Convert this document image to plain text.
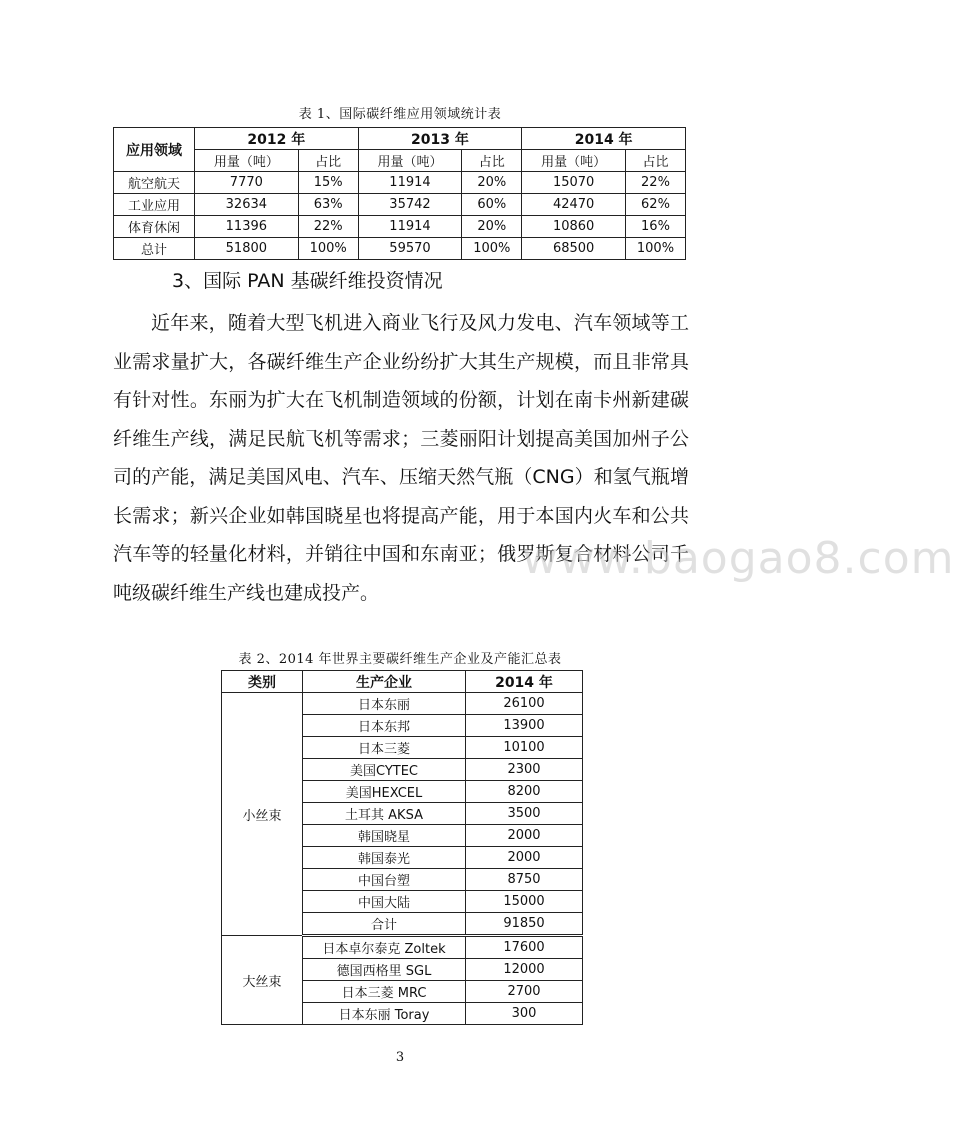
表 1、国际碳纤维应用领域统计表
应用领域	2012 年		2013 年		2014 年	
	用量（吨）	占比	用量（吨）	占比	用量（吨）	占比
航空航天	7770	15%	11914	20%	15070	22%
工业应用	32634	63%	35742	60%	42470	62%
体育休闲	11396	22%	11914	20%	10860	16%
总计	51800	100%	59570	100%	68500	100%
3、国际 PAN 基碳纤维投资情况

近年来，随着大型飞机进入商业飞行及风力发电、汽车领域等工业需求量扩大，各碳纤维生产企业纷纷扩大其生产规模，而且非常具有针对性。东丽为扩大在飞机制造领域的份额，计划在南卡州新建碳纤维生产线，满足民航飞机等需求；三菱丽阳计划提高美国加州子公司的产能，满足美国风电、汽车、压缩天然气瓶（CNG）和氢气瓶增长需求；新兴企业如韩国晓星也将提高产能，用于本国内火车和公共汽车等的轻量化材料，并销往中国和东南亚；俄罗斯复合材料公司千吨级碳纤维生产线也建成投产。

www.baogao8.com
表 2、2014 年世界主要碳纤维生产企业及产能汇总表
类别	生产企业	2014 年
小丝束	日本东丽	26100
	日本东邦	13900
	日本三菱	10100
	美国CYTEC	2300
	美国HEXCEL	8200
	土耳其 AKSA	3500
	韩国晓星	2000
	韩国泰光	2000
	中国台塑	8750
	中国大陆	15000
	合计	91850
大丝束	日本卓尔泰克 Zoltek	17600
	德国西格里 SGL	12000
	日本三菱 MRC	2700
	日本东丽 Toray	300
3
